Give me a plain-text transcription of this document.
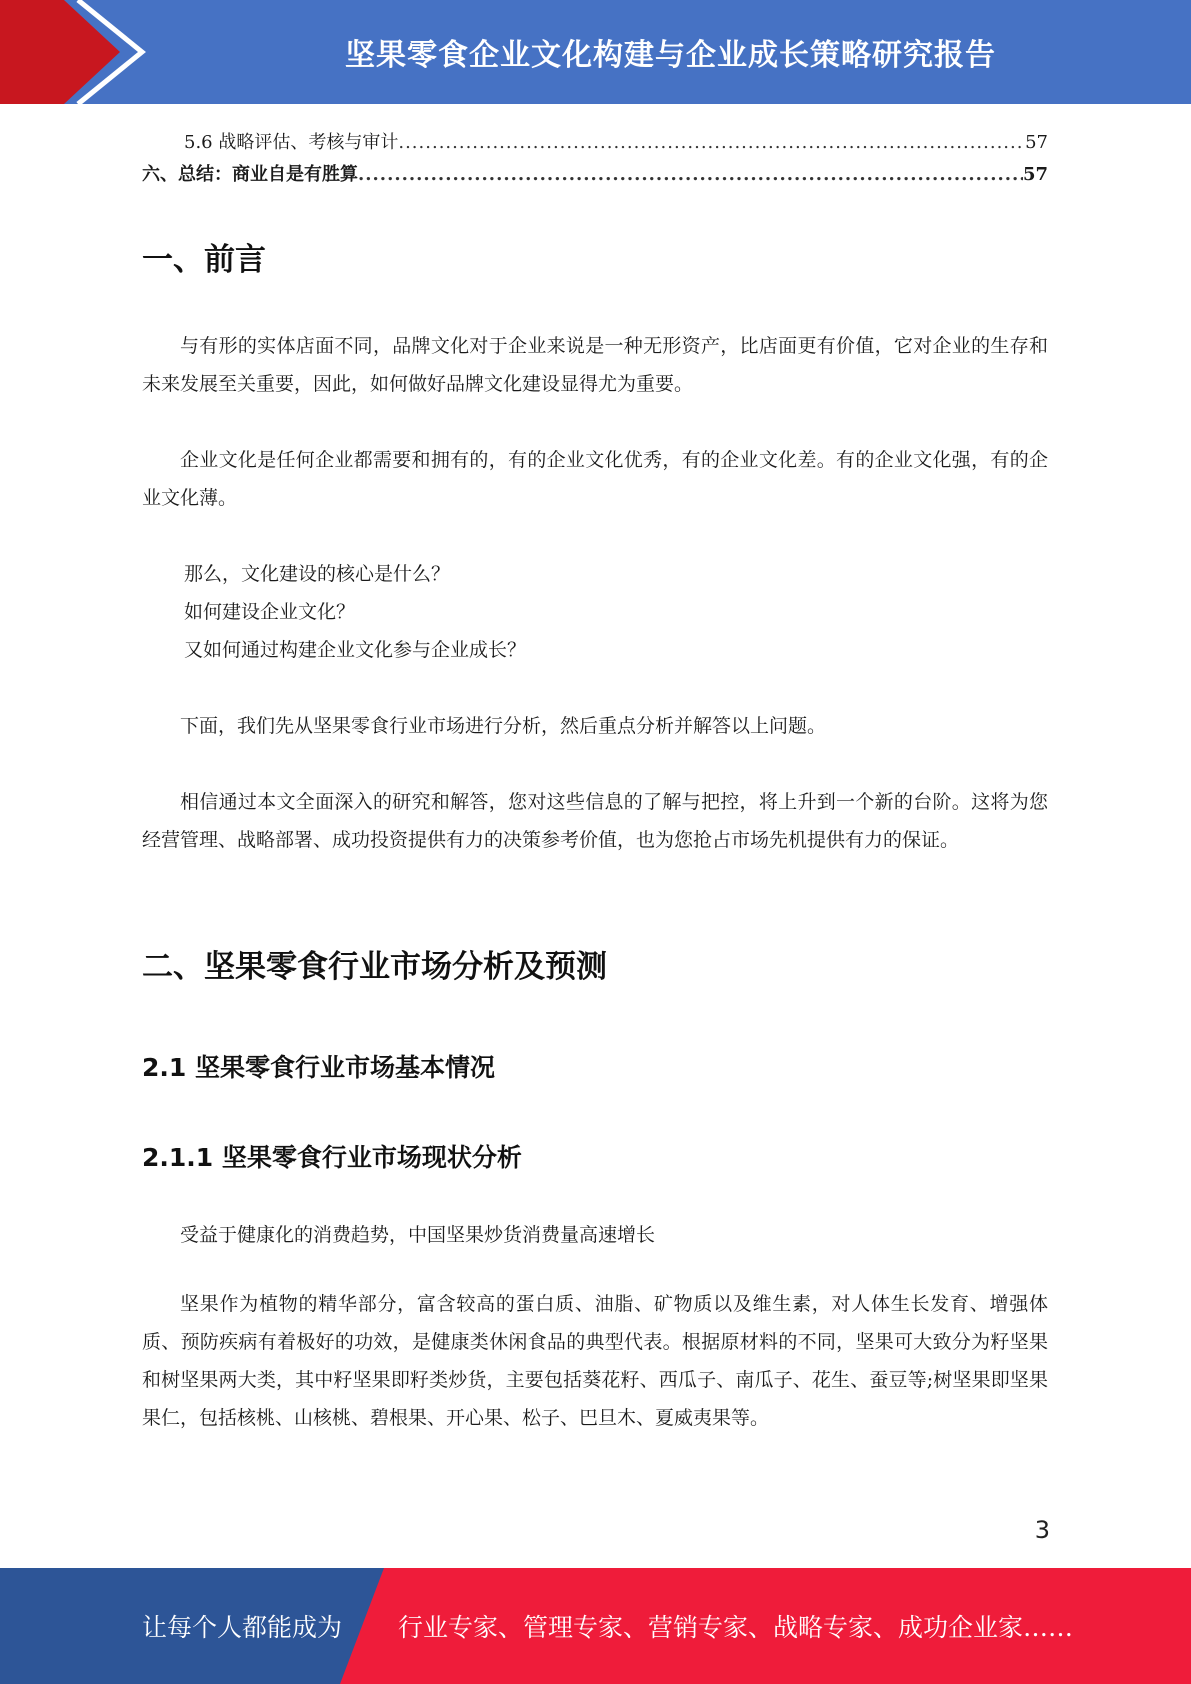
坚果零食企业文化构建与企业成长策略研究报告
5.6 战略评估、考核与审计 .....	57
六、总结：商业自是有胜算 .....	57
一、前言

与有形的实体店面不同，品牌文化对于企业来说是一种无形资产，比店面更有价值，它对企业的生存和未来发展至关重要，因此，如何做好品牌文化建设显得尤为重要。

企业文化是任何企业都需要和拥有的，有的企业文化优秀，有的企业文化差。有的企业文化强，有的企业文化薄。

那么，文化建设的核心是什么？
如何建设企业文化？
又如何通过构建企业文化参与企业成长？

下面，我们先从坚果零食行业市场进行分析，然后重点分析并解答以上问题。

相信通过本文全面深入的研究和解答，您对这些信息的了解与把控，将上升到一个新的台阶。这将为您经营管理、战略部署、成功投资提供有力的决策参考价值，也为您抢占市场先机提供有力的保证。

二、坚果零食行业市场分析及预测
2.1 坚果零食行业市场基本情况
2.1.1 坚果零食行业市场现状分析

受益于健康化的消费趋势，中国坚果炒货消费量高速增长

坚果作为植物的精华部分，富含较高的蛋白质、油脂、矿物质以及维生素，对人体生长发育、增强体质、预防疾病有着极好的功效，是健康类休闲食品的典型代表。根据原材料的不同，坚果可大致分为籽坚果和树坚果两大类，其中籽坚果即籽类炒货，主要包括葵花籽、西瓜子、南瓜子、花生、蚕豆等;树坚果即坚果果仁，包括核桃、山核桃、碧根果、开心果、松子、巴旦木、夏威夷果等。

3
让每个人都能成为 行业专家、管理专家、营销专家、战略专家、成功企业家……
